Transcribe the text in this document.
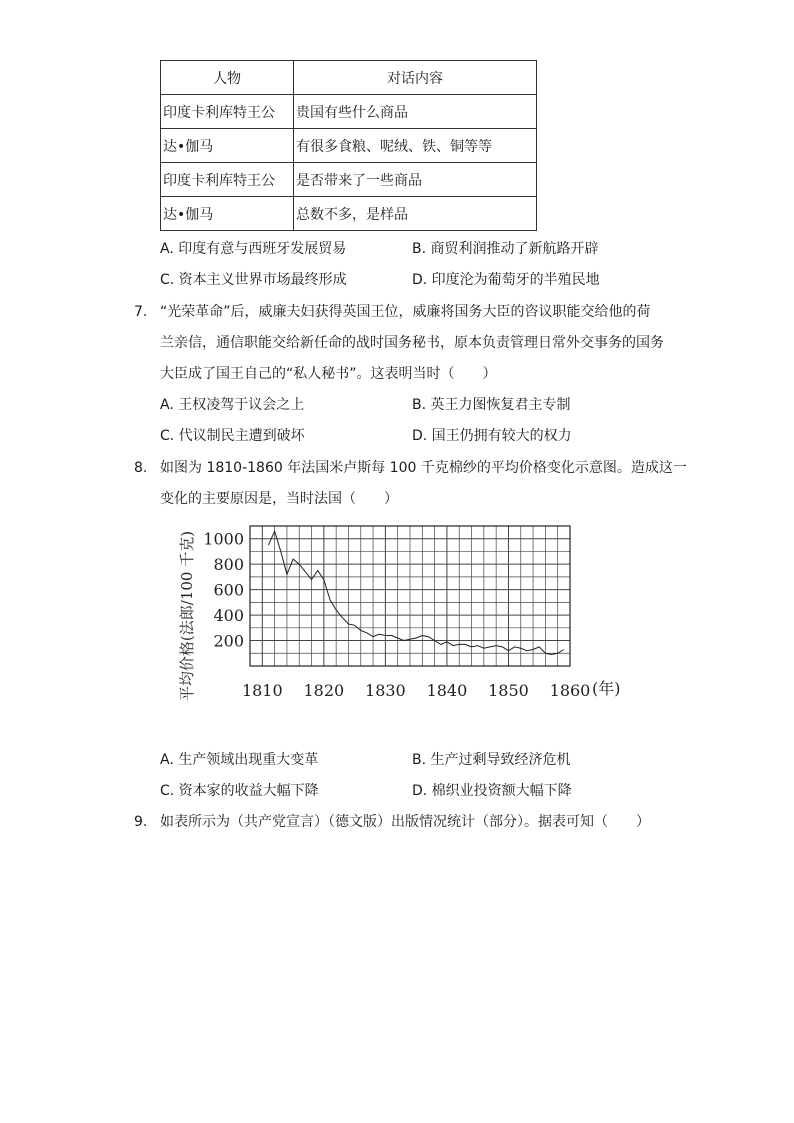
人物	对话内容
印度卡利库特王公	贵国有些什么商品
达•伽马	有很多食粮、呢绒、铁、铜等等
印度卡利库特王公	是否带来了一些商品
达•伽马	总数不多，是样品
A. 印度有意与西班牙发展贸易	B. 商贸利润推动了新航路开辟
C. 资本主义世界市场最终形成	D. 印度沦为葡萄牙的半殖民地
7. “光荣革命”后，威廉夫妇获得英国王位，威廉将国务大臣的咨议职能交给他的荷
兰亲信，通信职能交给新任命的战时国务秘书，原本负责管理日常外交事务的国务
大臣成了国王自己的“私人秘书”。这表明当时（　　）
A. 王权凌驾于议会之上	B. 英王力图恢复君主专制
C. 代议制民主遭到破坏	D. 国王仍拥有较大的权力
8. 如图为 1810-1860 年法国米卢斯每 100 千克棉纱的平均价格变化示意图。造成这一
变化的主要原因是，当时法国（　　）
200
400
600
800
1000
1810 1820 1830 1840 1850 1860 (年)
平均价格(法郎/100 千克)
A. 生产领域出现重大变革	B. 生产过剩导致经济危机
C. 资本家的收益大幅下降	D. 棉织业投资额大幅下降
9. 如表所示为（共产党宣言）（德文版）出版情况统计（部分）。据表可知（　　）
